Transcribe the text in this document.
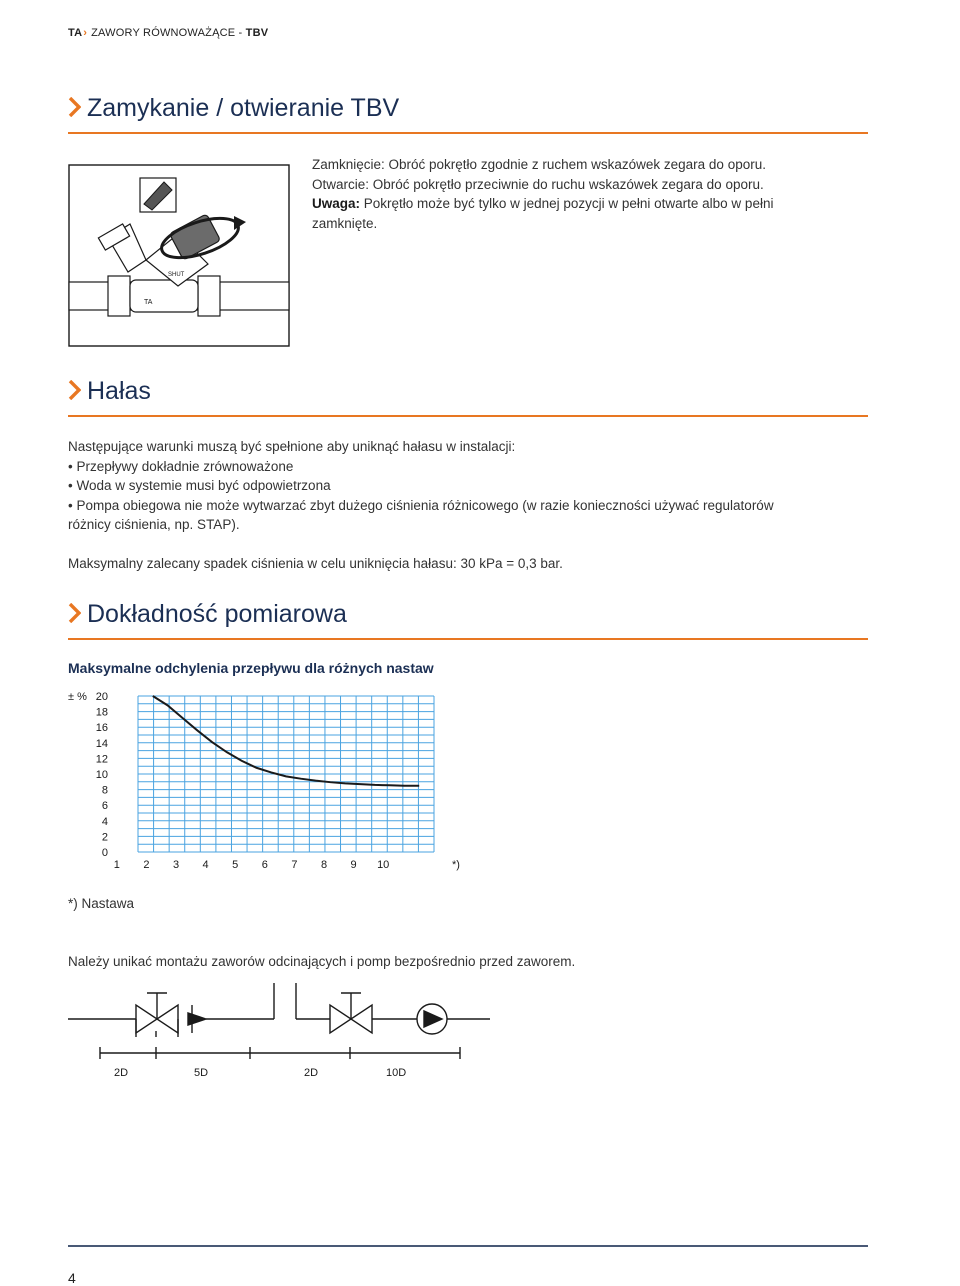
TA› ZAWORY RÓWNOWAŻĄCE - TBV
Zamykanie / otwieranie TBV
SHUT
TA
Zamknięcie: Obróć pokrętło zgodnie z ruchem wskazówek zegara do oporu.
Otwarcie: Obróć pokrętło przeciwnie do ruchu wskazówek zegara do oporu.
Uwaga: Pokrętło może być tylko w jednej pozycji w pełni otwarte albo w pełni zamknięte.
Hałas
Następujące warunki muszą być spełnione aby uniknąć hałasu w instalacji:
• Przepływy dokładnie zrównoważone
• Woda w systemie musi być odpowietrzona
• Pompa obiegowa nie może wytwarzać zbyt dużego ciśnienia różnicowego (w razie konieczności używać regulatorów
różnicy ciśnienia, np. STAP).
Maksymalny zalecany spadek ciśnienia w celu uniknięcia hałasu: 30 kPa = 0,3 bar.
Dokładność pomiarowa
Maksymalne odchylenia przepływu dla różnych nastaw
20
18
16
14
12
10
8
6
4
2
0
± %
1 2 3 4 5 6 7 8 9 10	*)
*) Nastawa
Należy unikać montażu zaworów odcinających i pomp bezpośrednio przed zaworem.
2D	5D	2D	10D
4
